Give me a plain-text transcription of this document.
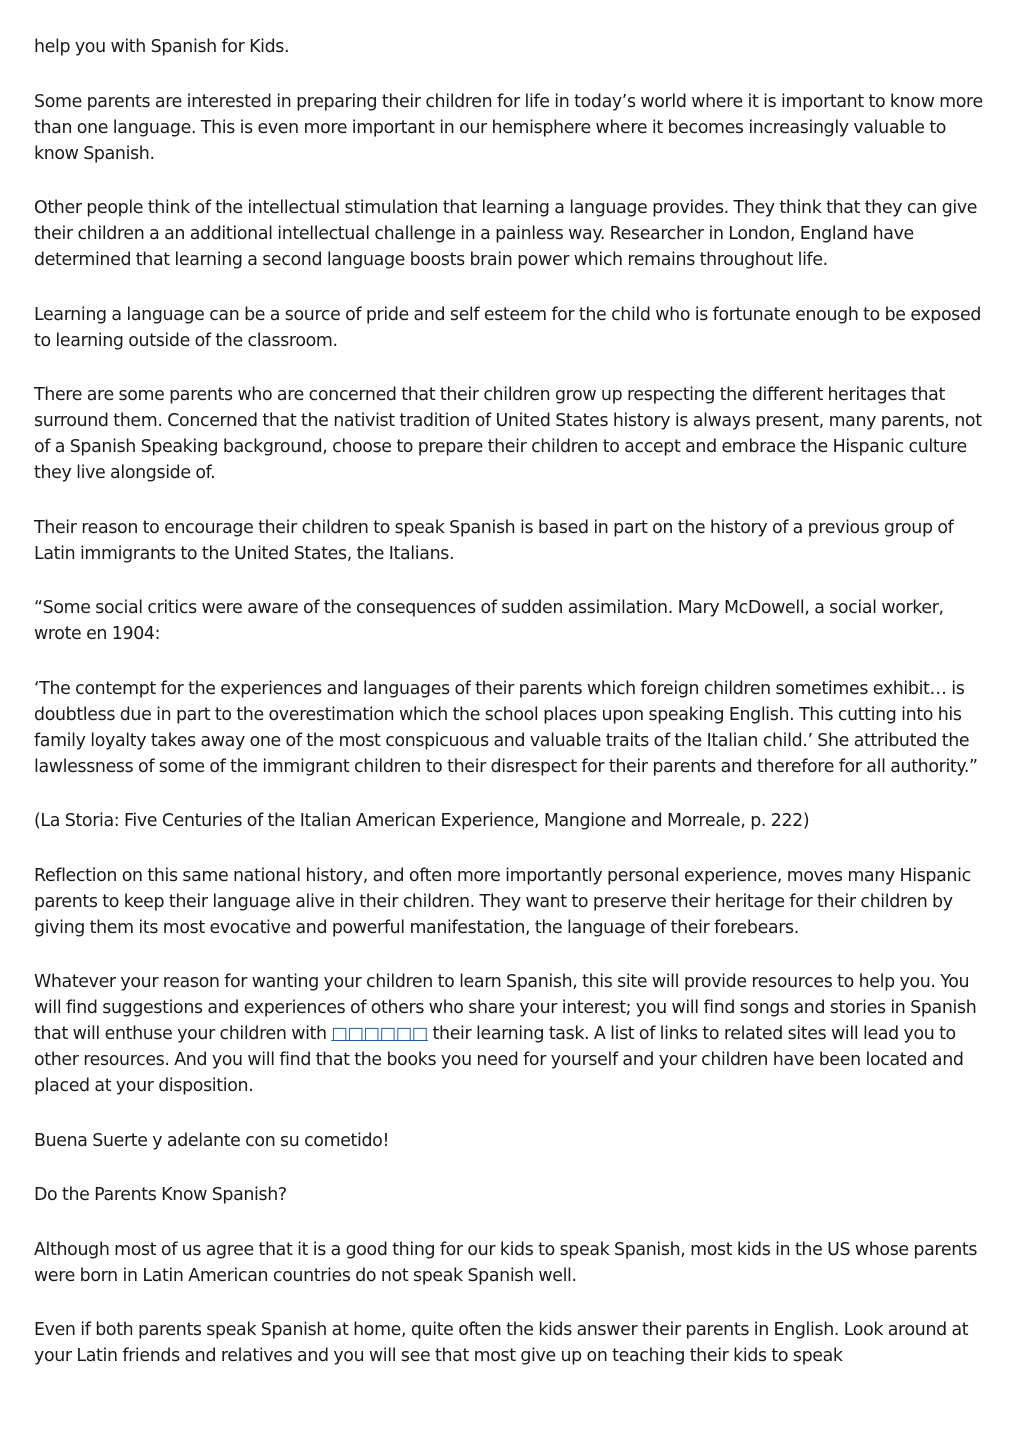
help you with Spanish for Kids.

Some parents are interested in preparing their children for life in today’s world where it is important to know more than one language. This is even more important in our hemisphere where it becomes increasingly valuable to know Spanish.

Other people think of the intellectual stimulation that learning a language provides. They think that they can give their children a an additional intellectual challenge in a painless way. Researcher in London, England have determined that learning a second language boosts brain power which remains throughout life.

Learning a language can be a source of pride and self esteem for the child who is fortunate enough to be exposed to learning outside of the classroom.

There are some parents who are concerned that their children grow up respecting the different heritages that surround them. Concerned that the nativist tradition of United States history is always present, many parents, not of a Spanish Speaking background, choose to prepare their children to accept and embrace the Hispanic culture they live alongside of.

Their reason to encourage their children to speak Spanish is based in part on the history of a previous group of Latin immigrants to the United States, the Italians.

“Some social critics were aware of the consequences of sudden assimilation. Mary McDowell, a social worker, wrote en 1904:

‘The contempt for the experiences and languages of their parents which foreign children sometimes exhibit… is doubtless due in part to the overestimation which the school places upon speaking English. This cutting into his family loyalty takes away one of the most conspicuous and valuable traits of the Italian child.’ She attributed the lawlessness of some of the immigrant children to their disrespect for their parents and therefore for all authority.”

(La Storia: Five Centuries of the Italian American Experience, Mangione and Morreale, p. 222)

Reflection on this same national history, and often more importantly personal experience, moves many Hispanic parents to keep their language alive in their children. They want to preserve their heritage for their children by giving them its most evocative and powerful manifestation, the language of their forebears.

Whatever your reason for wanting your children to learn Spanish, this site will provide resources to help you. You will find suggestions and experiences of others who share your interest; you will find songs and stories in Spanish that will enthuse your children with □□□□□□ their learning task. A list of links to related sites will lead you to other resources. And you will find that the books you need for yourself and your children have been located and placed at your disposition.

Buena Suerte y adelante con su cometido!

Do the Parents Know Spanish?

Although most of us agree that it is a good thing for our kids to speak Spanish, most kids in the US whose parents were born in Latin American countries do not speak Spanish well.

Even if both parents speak Spanish at home, quite often the kids answer their parents in English. Look around at your Latin friends and relatives and you will see that most give up on teaching their kids to speak
